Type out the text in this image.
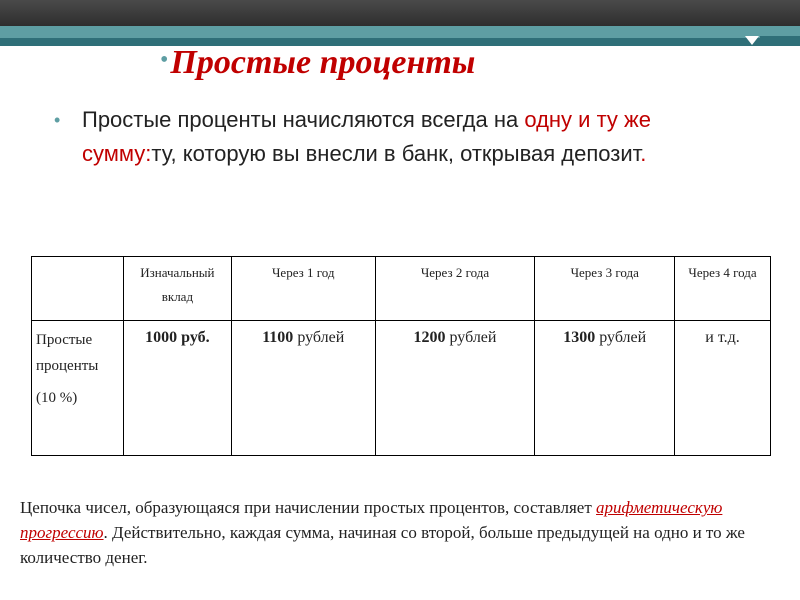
•Простые проценты
• Простые проценты начисляются всегда на одну и ту же сумму:ту, которую вы внесли в банк, открывая депозит.
	Изначальный вклад	Через 1 год	Через 2 года	Через 3 года	Через 4 года

Простые проценты
(10 %)	1000 руб.	1100 рублей	1200 рублей	1300 рублей	и т.д.
Цепочка чисел, образующаяся при начислении простых процентов, составляет арифметическую прогрессию. Действительно, каждая сумма, начиная со второй, больше предыдущей на одно и то же количество денег.
